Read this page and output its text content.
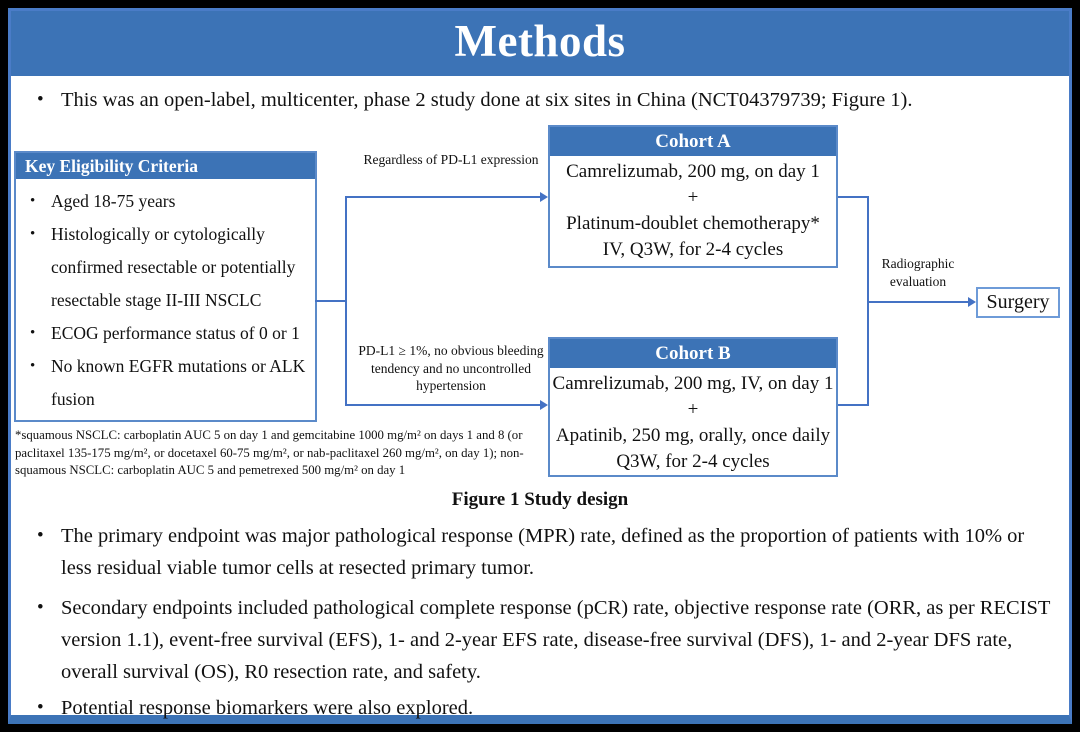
Methods
• This was an open-label, multicenter, phase 2 study done at six sites in China (NCT04379739; Figure 1).
Key Eligibility Criteria
• Aged 18-75 years
• Histologically or cytologically confirmed resectable or potentially resectable stage II-III NSCLC
• ECOG performance status of 0 or 1
• No known EGFR mutations or ALK fusion
*squamous NSCLC: carboplatin AUC 5 on day 1 and gemcitabine 1000 mg/m² on days 1 and 8 (or paclitaxel 135-175 mg/m², or docetaxel 60-75 mg/m², or nab-paclitaxel 260 mg/m², on day 1); non-squamous NSCLC: carboplatin AUC 5 and pemetrexed 500 mg/m² on day 1
Regardless of PD-L1 expression
PD-L1 ≥ 1%, no obvious bleeding tendency and no uncontrolled hypertension
Cohort A
Camrelizumab, 200 mg, on day 1
+
Platinum-doublet chemotherapy*
IV, Q3W, for 2-4 cycles
Cohort B
Camrelizumab, 200 mg, IV, on day 1
+
Apatinib, 250 mg, orally, once daily
Q3W, for 2-4 cycles
Radiographic evaluation
Surgery
Figure 1 Study design
• The primary endpoint was major pathological response (MPR) rate, defined as the proportion of patients with 10% or less residual viable tumor cells at resected primary tumor.
• Secondary endpoints included pathological complete response (pCR) rate, objective response rate (ORR, as per RECIST version 1.1), event-free survival (EFS), 1- and 2-year EFS rate, disease-free survival (DFS), 1- and 2-year DFS rate, overall survival (OS), R0 resection rate, and safety.
• Potential response biomarkers were also explored.
